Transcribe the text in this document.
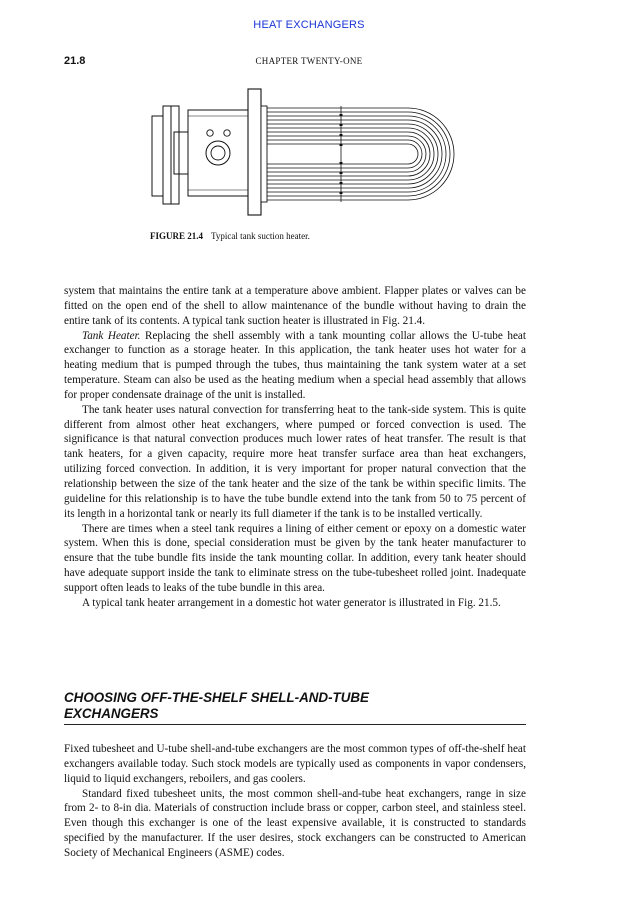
HEAT EXCHANGERS
21.8	CHAPTER TWENTY-ONE
FIGURE 21.4 Typical tank suction heater.

system that maintains the entire tank at a temperature above ambient. Flapper plates or valves can be fitted on the open end of the shell to allow maintenance of the bundle without having to drain the entire tank of its contents. A typical tank suction heater is illustrated in Fig. 21.4.

Tank Heater. Replacing the shell assembly with a tank mounting collar allows the U-tube heat exchanger to function as a storage heater. In this application, the tank heater uses hot water for a heating medium that is pumped through the tubes, thus maintaining the tank system water at a set temperature. Steam can also be used as the heating medium when a special head assembly that allows for proper condensate drainage of the unit is installed.

The tank heater uses natural convection for transferring heat to the tank-side system. This is quite different from almost other heat exchangers, where pumped or forced convection is used. The significance is that natural convection produces much lower rates of heat transfer. The result is that tank heaters, for a given capacity, require more heat transfer surface area than heat exchangers, utilizing forced convection. In addition, it is very important for proper natural convection that the relationship between the size of the tank heater and the size of the tank be within specific limits. The guideline for this relationship is to have the tube bundle extend into the tank from 50 to 75 percent of its length in a horizontal tank or nearly its full diameter if the tank is to be installed vertically.

There are times when a steel tank requires a lining of either cement or epoxy on a domestic water system. When this is done, special consideration must be given by the tank heater manufacturer to ensure that the tube bundle fits inside the tank mounting collar. In addition, every tank heater should have adequate support inside the tank to eliminate stress on the tube-tubesheet rolled joint. Inadequate support often leads to leaks of the tube bundle in this area.

A typical tank heater arrangement in a domestic hot water generator is illustrated in Fig. 21.5.

CHOOSING OFF-THE-SHELF SHELL-AND-TUBE
EXCHANGERS

Fixed tubesheet and U-tube shell-and-tube exchangers are the most common types of off-the-shelf heat exchangers available today. Such stock models are typically used as components in vapor condensers, liquid to liquid exchangers, reboilers, and gas coolers.

Standard fixed tubesheet units, the most common shell-and-tube heat exchangers, range in size from 2- to 8-in dia. Materials of construction include brass or copper, carbon steel, and stainless steel. Even though this exchanger is one of the least expensive available, it is constructed to standards specified by the manufacturer. If the user desires, stock exchangers can be constructed to American Society of Mechanical Engineers (ASME) codes.
